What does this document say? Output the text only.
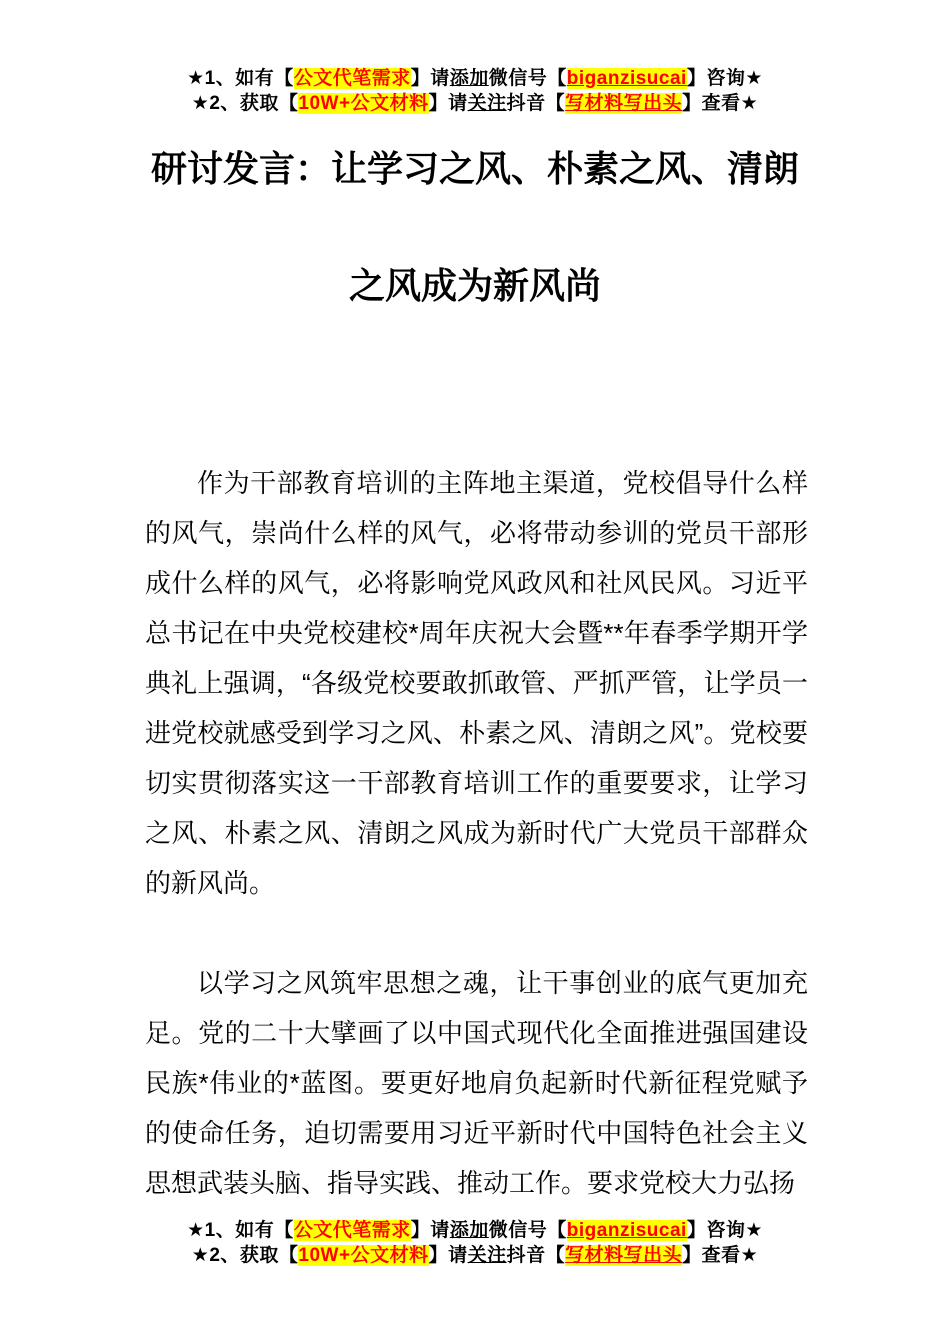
★1、如有【公文代笔需求】请添加微信号【biganzisucai】咨询★
★2、获取【10W+公文材料】请关注抖音【写材料写出头】查看★
研讨发言：让学习之风、朴素之风、清朗
之风成为新风尚

作为干部教育培训的主阵地主渠道，党校倡导什么样的风气，崇尚什么样的风气，必将带动参训的党员干部形成什么样的风气，必将影响党风政风和社风民风。习近平总书记在中央党校建校*周年庆祝大会暨**年春季学期开学典礼上强调，“各级党校要敢抓敢管、严抓严管，让学员一进党校就感受到学习之风、朴素之风、清朗之风”。党校要切实贯彻落实这一干部教育培训工作的重要要求，让学习之风、朴素之风、清朗之风成为新时代广大党员干部群众的新风尚。

以学习之风筑牢思想之魂，让干事创业的底气更加充足。党的二十大擘画了以中国式现代化全面推进强国建设民族*伟业的*蓝图。要更好地肩负起新时代新征程党赋予的使命任务，迫切需要用习近平新时代中国特色社会主义思想武装头脑、指导实践、推动工作。要求党校大力弘扬

★1、如有【公文代笔需求】请添加微信号【biganzisucai】咨询★
★2、获取【10W+公文材料】请关注抖音【写材料写出头】查看★
